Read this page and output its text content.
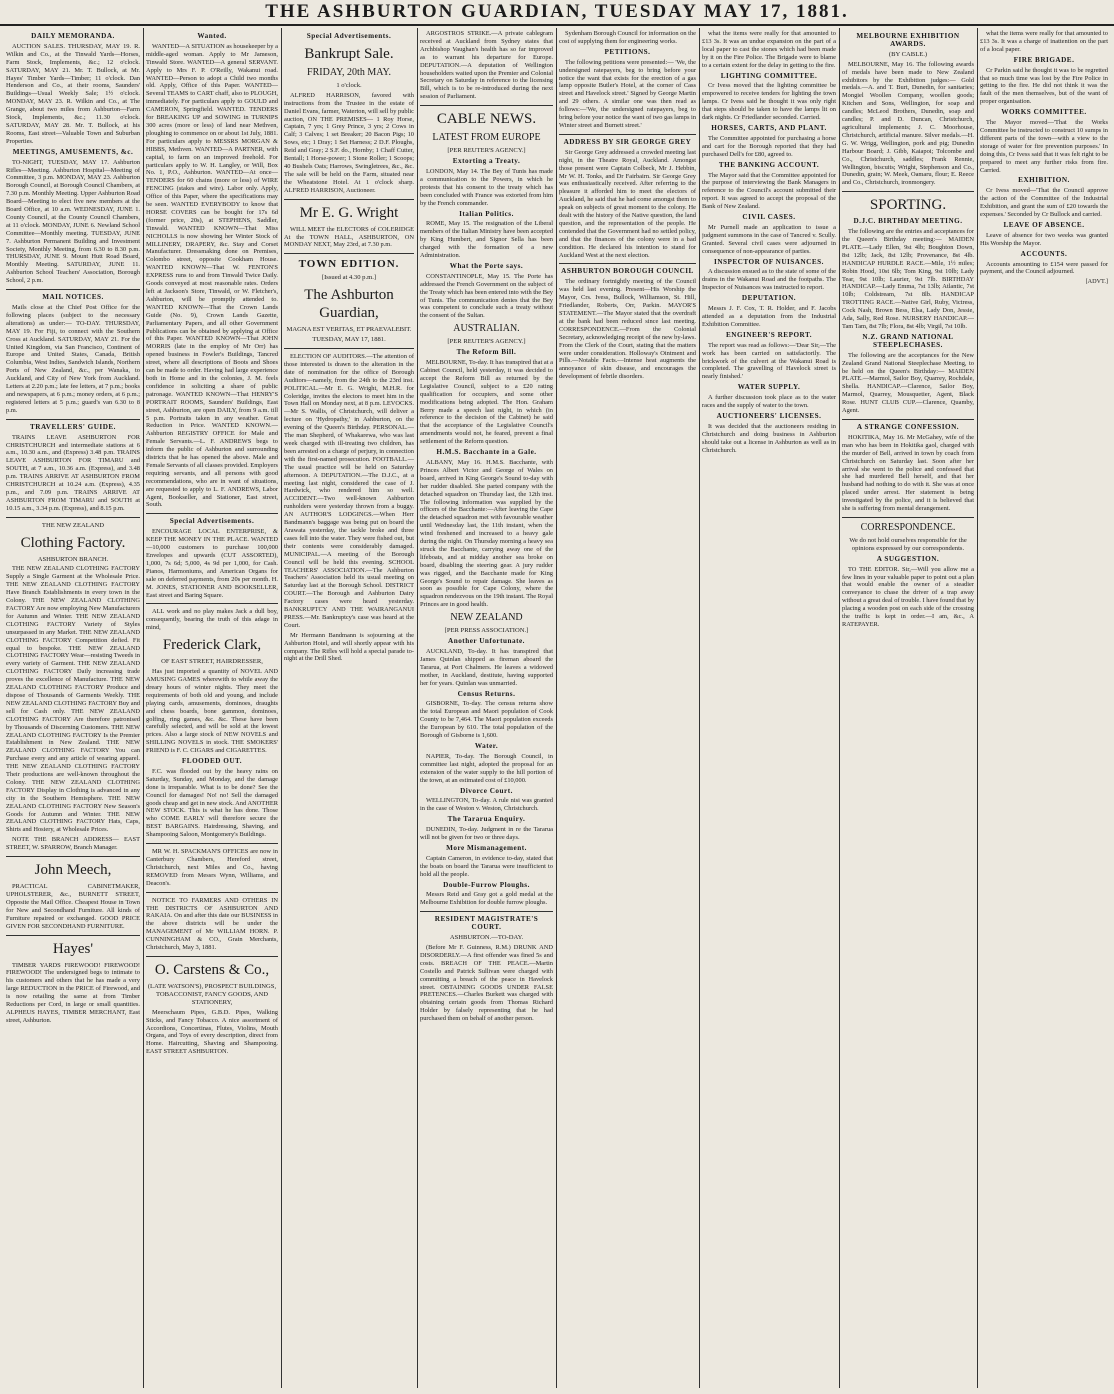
THE ASHBURTON GUARDIAN, TUESDAY MAY 17, 1881.
DAILY MEMORANDA.

AUCTION SALES. THURSDAY, MAY 19. R. Wilkin and Co., at the Tinwald Yards—Horses, Farm Stock, Implements, &c.; 12 o'clock. SATURDAY, MAY 21. Mr. T. Bullock, at Mr. Hayes' Timber Yards—Timber; 11 o'clock. Dan Henderson and Co., at their rooms, Saunders' Buildings—Usual Weekly Sale; 1½ o'clock. MONDAY, MAY 23. R. Wilkin and Co., at The Grange, about two miles from Ashburton—Farm Stock, Implements, &c.; 11.30 o'clock. SATURDAY, MAY 28. Mr. T. Bullock, at his Rooms, East street—Valuable Town and Suburban Properties.

MEETINGS, AMUSEMENTS, &c.

TO-NIGHT, TUESDAY, MAY 17. Ashburton Rifles—Meeting. Ashburton Hospital—Meeting of Committee, 3 p.m. MONDAY, MAY 23. Ashburton Borough Council, at Borough Council Chambers, at 7.30 p.m. Monthly Meeting. Upper Ashburton Road Board—Meeting to elect five new members at the Board Office, at 10 a.m. WEDNESDAY, JUNE 1. County Council, at the County Council Chambers, at 11 o'clock. MONDAY, JUNE 6. Newland School Committee—Monthly meeting. TUESDAY, JUNE 7. Ashburton Permanent Building and Investment Society, Monthly Meeting, from 6.30 to 8.30 p.m. THURSDAY, JUNE 9. Mount Hutt Road Board, Monthly Meeting. SATURDAY, JUNE 11. Ashburton School Teachers' Association, Borough School, 2 p.m.

MAIL NOTICES.

Mails close at the Chief Post Office for the following places (subject to the necessary alterations) as under:— TO-DAY. THURSDAY, MAY 19. For Fiji, to connect with the Southern Cross at Auckland. SATURDAY, MAY 21. For the United Kingdom, via San Francisco, Continent of Europe and United States, Canada, British Columbia, West Indies, Sandwich Islands, Northern Ports of New Zealand, &c., per Wanaka, to Auckland, and City of New York from Auckland. Letters at 2.20 p.m.; late fee letters, at 7 p.m.; books and newspapers, at 6 p.m.; money orders, at 6 p.m.; registered letters at 5 p.m.; guard's van 6.30 to 8 p.m.

TRAVELLERS' GUIDE.

TRAINS LEAVE ASHBURTON FOR CHRISTCHURCH and intermediate stations at 6 a.m., 10.30 a.m., and (Express) 3.48 p.m. TRAINS LEAVE ASHBURTON FOR TIMARU and SOUTH, at 7 a.m., 10.36 a.m. (Express), and 3.48 p.m. TRAINS ARRIVE AT ASHBURTON FROM CHRISTCHURCH at 10.24 a.m. (Express), 4.35 p.m., and 7.09 p.m. TRAINS ARRIVE AT ASHBURTON FROM TIMARU and SOUTH at 10.15 a.m., 3.34 p.m. (Express), and 8.15 p.m.

THE NEW ZEALAND
Clothing Factory.
ASHBURTON BRANCH.

THE NEW ZEALAND CLOTHING FACTORY Supply a Single Garment at the Wholesale Price. THE NEW ZEALAND CLOTHING FACTORY Have Branch Establishments in every town in the Colony. THE NEW ZEALAND CLOTHING FACTORY Are now employing New Manufacturers for Autumn and Winter. THE NEW ZEALAND CLOTHING FACTORY Variety of Styles unsurpassed in any Market. THE NEW ZEALAND CLOTHING FACTORY Competition defied. Fit equal to bespoke. THE NEW ZEALAND CLOTHING FACTORY Wear—resisting Tweeds in every variety of Garment. THE NEW ZEALAND CLOTHING FACTORY Daily increasing trade proves the excellence of Manufacture. THE NEW ZEALAND CLOTHING FACTORY Produce and dispose of Thousands of Garments Weekly. THE NEW ZEALAND CLOTHING FACTORY Buy and sell for Cash only. THE NEW ZEALAND CLOTHING FACTORY Are therefore patronised by Thousands of Discerning Customers. THE NEW ZEALAND CLOTHING FACTORY Is the Premier Establishment in New Zealand. THE NEW ZEALAND CLOTHING FACTORY You can Purchase every and any article of wearing apparel. THE NEW ZEALAND CLOTHING FACTORY Their productions are well-known throughout the Colony. THE NEW ZEALAND CLOTHING FACTORY Display in Clothing is advanced in any city in the Southern Hemisphere. THE NEW ZEALAND CLOTHING FACTORY New Season's Goods for Autumn and Winter. THE NEW ZEALAND CLOTHING FACTORY Hats, Caps, Shirts and Hosiery, at Wholesale Prices.

NOTE THE BRANCH ADDRESS— EAST STREET, W. SPARROW, Branch Manager.

John Meech,

PRACTICAL CABINETMAKER, UPHOLSTERER, &c., BURNETT STREET, Opposite the Mail Office. Cheapest House in Town for New and Secondhand Furniture. All kinds of Furniture repaired or exchanged. GOOD PRICE GIVEN FOR SECONDHAND FURNITURE.

Hayes'

TIMBER YARDS FIREWOOD! FIREWOOD! FIREWOOD! The undersigned begs to intimate to his customers and others that he has made a very large REDUCTION in the PRICE of Firewood, and is now retailing the same at from Timber Reductions per Cord, in large or small quantities. ALPHEUS HAYES, TIMBER MERCHANT, East street, Ashburton.

Wanted.

WANTED—A SITUATION as housekeeper by a middle-aged woman. Apply to Mr Jameson, Tinwald Store. WANTED—A general SERVANT. Apply to Mrs F. P. O'Reilly, Wakanui road. WANTED—Person to adopt a Child two months old. Apply, Office of this Paper. WANTED—Several TEAMS to CART chaff, also to PLOUGH, immediately. For particulars apply to GOULD and CAMERON, Springfield. WANTED. TENDERS for BREAKING UP and SOWING in TURNIPS 300 acres (more or less) of land near Methven, ploughing to commence on or about 1st July, 1881. For particulars apply to MESSRS MORGAN & HIBBS, Methven. WANTED—A PARTNER, with capital, to farm on an improved freehold. For particulars apply to W. H. Langley, or Will, Box No. 1, P.O., Ashburton. WANTED—At once—TENDERS for 60 chains (more or less) of WIRE FENCING (stakes and wire). Labor only. Apply, Office of this Paper, where the specifications may be seen. WANTED EVERYBODY to know that HORSE COVERS can be bought for 17s 6d (former price, 20s), at STEPHENS, Saddler, Tinwald. WANTED KNOWN—That Miss NICHOLLS is now showing her Winter Stock of MILLINERY, DRAPERY, &c. Stay and Corset Manufacturer. Dressmaking done on Premises, Colombo street, opposite Cookham House. WANTED KNOWN—That W. FENTON'S EXPRESS runs to and from Tinwald Twice Daily. Goods conveyed at most reasonable rates. Orders left at Jackson's Store, Tinwald, or W. Fletcher's, Ashburton, will be promptly attended to. WANTED KNOWN—That the Crown Lands Guide (No. 9), Crown Lands Gazette, Parliamentary Papers, and all other Government Publications can be obtained by applying at Office of this Paper. WANTED KNOWN—That JOHN MORRIS (late in the employ of Mr Orr) has opened business in Fowler's Buildings, Tancred street, where all descriptions of Boots and Shoes can be made to order. Having had large experience both in Home and in the colonies, J. M. feels confidence in soliciting a share of public patronage. WANTED KNOWN—That HENRY'S PORTRAIT ROOMS, Saunders' Buildings, East street, Ashburton, are open DAILY, from 9 a.m. till 5 p.m. Portraits taken in any weather. Great Reduction in Price. WANTED KNOWN.—Ashburton REGISTRY OFFICE for Male and Female Servants.—L. F. ANDREWS begs to inform the public of Ashburton and surrounding districts that he has opened the above. Male and Female Servants of all classes provided. Employers requiring servants, and all persons with good recommendations, who are in want of situations, are requested to apply to L. F. ANDREWS, Labor Agent, Bookseller, and Stationer, East street, South.

Special Advertisements.

ENCOURAGE LOCAL ENTERPRISE, & KEEP THE MONEY IN THE PLACE. WANTED—10,000 customers to purchase 100,000 Envelopes and upwards (CUT ASSORTED), 1,000, 7s 6d; 5,000, 4s 9d per 1,000, for Cash. Pianos, Harmoniums, and American Organs for sale on deferred payments, from 20s per month. H. M. JONES, STATIONER AND BOOKSELLER, East street and Baring Square.

ALL work and no play makes Jack a dull boy, consequently, bearing the truth of this adage in mind,

Frederick Clark,
OF EAST STREET, HAIRDRESSER,

Has just imported a quantity of NOVEL AND AMUSING GAMES wherewith to while away the dreary hours of winter nights. They meet the requirements of both old and young, and include playing cards, amusements, dominoes, draughts and chess boards, bone gammon, dominoes, golfing, ring games, &c. &c. These have been carefully selected, and will be sold at the lowest prices. Also a large stock of NEW NOVELS and SHILLING NOVELS in stock. THE SMOKERS' FRIEND is F. C. CIGARS and CIGARETTES.

FLOODED OUT.

F.C. was flooded out by the heavy rains on Saturday, Sunday, and Monday, and the damage done is irreparable. What is to be done? See the Council for damages! No! no! Sell the damaged goods cheap and get in new stock. And ANOTHER NEW STOCK. This is what he has done. Those who COME EARLY will therefore secure the BEST BARGAINS. Hairdressing, Shaving, and Shampooing Saloon, Montgomery's Buildings.

MR W. H. SPACKMAN'S OFFICES are now in Canterbury Chambers, Hereford street, Christchurch, next Miles and Co., having REMOVED from Messrs Wynn, Williams, and Deacon's.

NOTICE TO FARMERS AND OTHERS IN THE DISTRICTS OF ASHBURTON AND RAKAIA. On and after this date our BUSINESS in the above districts will be under the MANAGEMENT of Mr WILLIAM HORN. P. CUNNINGHAM & CO., Grain Merchants, Christchurch, May 3, 1881.

O. Carstens & Co.,
(LATE WATSON'S), PROSPECT BUILDINGS, TOBACCONIST, FANCY GOODS, AND STATIONERY,

Meerschaum Pipes, G.B.D. Pipes, Walking Sticks, and Fancy Tobacco. A nice assortment of Accordions, Concertinas, Flutes, Violins, Mouth Organs, and Toys of every description, direct from Home. Haircutting, Shaving and Shampooing. EAST STREET ASHBURTON.

Special Advertisements.
Bankrupt Sale.
FRIDAY, 20th MAY.
1 o'clock.

ALFRED HARRISON, favored with instructions from the Trustee in the estate of Daniel Evans, farmer, Waterton, will sell by public auction, ON THE PREMISES— 1 Roy Horse, Captain, 7 yrs; 1 Grey Prince, 3 yrs; 2 Cows in Calf; 3 Calves; 1 set Breaker; 20 Bacon Pigs; 10 Sows, etc; 1 Dray; 1 Set Harness; 2 D.F. Ploughs, Reid and Gray; 2 S.F. do., Hornby; 1 Chaff Cutter, Bentall; 1 Horse-power; 1 Stone Roller; 1 Scoops; 40 Bushels Oats; Harrows, Swingletrees, &c., &c. The sale will be held on the Farm, situated near the Wheatstone Hotel. At 1 o'clock sharp. ALFRED HARRISON, Auctioneer.

Mr E. G. Wright

WILL MEET the ELECTORS of COLERIDGE At the TOWN HALL, ASHBURTON, ON MONDAY NEXT, May 23rd, at 7.30 p.m.

TOWN EDITION.
[Issued at 4.30 p.m.]
The Ashburton Guardian,
MAGNA EST VERITAS, ET PRAEVALEBIT.
TUESDAY, MAY 17, 1881.

ELECTION OF AUDITORS.—The attention of those interested is drawn to the alteration in the date of nomination for the office of Borough Auditors—namely, from the 24th to the 23rd inst. POLITICAL.—Mr E. G. Wright, M.H.R. for Coleridge, invites the electors to meet him in the Town Hall on Monday next, at 8 p.m. LEVOCKS.—Mr S. Wallis, of Christchurch, will deliver a lecture on 'Hydropathy,' in Ashburton, on the evening of the Queen's Birthday. PERSONAL.—The man Shepherd, of Whakarewa, who was last week charged with ill-treating two children, has been arrested on a charge of perjury, in connection with the first-named prosecution. FOOTBALL.—The usual practice will be held on Saturday afternoon. A DEPUTATION.—The D.J.C., at a meeting last night, considered the case of J. Hardwick, who rendered him so well. ACCIDENT.—Two well-known Ashburton runholders were yesterday thrown from a buggy. AN AUTHOR'S LODGINGS.—When Herr Bandmann's baggage was being put on board the Arawata yesterday, the tackle broke and three cases fell into the water. They were fished out, but their contents were considerably damaged. MUNICIPAL.—A meeting of the Borough Council will be held this evening. SCHOOL TEACHERS' ASSOCIATION.—The Ashburton Teachers' Association held its usual meeting on Saturday last at the Borough School. DISTRICT COURT.—The Borough and Ashburton Dairy Factory cases were heard yesterday. BANKRUPTCY AND THE WAIRANGANUI PRESS.—Mr. Bankruptcy's case was heard at the Court.

Mr Hermann Bandmann is sojourning at the Ashburton Hotel, and will shortly appear with his company. The Rifles will hold a special parade to-night at the Drill Shed.

ARGOSTROS STRIKE.—A private cablegram received at Auckland from Sydney states that Archbishop Vaughan's health has so far improved as to warrant his departure for Europe. DEPUTATION.—A deputation of Wellington householders waited upon the Premier and Colonial Secretary on Saturday in reference to the licensing Bill, which is to be re-introduced during the next session of Parliament.

CABLE NEWS.
LATEST FROM EUROPE
[PER REUTER'S AGENCY.]
Extorting a Treaty.

LONDON, May 14. The Bey of Tunis has made a communication to the Powers, in which he protests that his consent to the treaty which has been concluded with France was extorted from him by the French commander.

Italian Politics.

ROME, May 15. The resignation of the Liberal members of the Italian Ministry have been accepted by King Humbert, and Signor Sella has been charged with the formation of a new Administration.

What the Porte says.

CONSTANTINOPLE, May 15. The Porte has addressed the French Government on the subject of the Treaty which has been entered into with the Bey of Tunis. The communication denies that the Bey was competent to conclude such a treaty without the consent of the Sultan.

AUSTRALIAN.
[PER REUTER'S AGENCY.]
The Reform Bill.

MELBOURNE, To-day. It has transpired that at a Cabinet Council, held yesterday, it was decided to accept the Reform Bill as returned by the Legislative Council, subject to a £20 rating qualification for occupiers, and some other modifications being adopted. The Hon. Graham Berry made a speech last night, in which (in reference to the decision of the Cabinet) he said that the acceptance of the Legislative Council's amendments would not, he feared, prevent a final settlement of the Reform question.

H.M.S. Bacchante in a Gale.

ALBANY, May 16. H.M.S. Bacchante, with Princes Albert Victor and George of Wales on board, arrived in King George's Sound to-day with her rudder disabled. She parted company with the detached squadron on Thursday last, the 12th inst. The following information was supplied by the officers of the Bacchante:—After leaving the Cape the detached squadron met with favourable weather until Wednesday last, the 11th instant, when the wind freshened and increased to a heavy gale during the night. On Thursday morning a heavy sea struck the Bacchante, carrying away one of the lifeboats, and at midday another sea broke on board, disabling the steering gear. A jury rudder was rigged, and the Bacchante made for King George's Sound to repair damage. She leaves as soon as possible for Cape Colony, where the squadron rendezvous on the 19th instant. The Royal Princes are in good health.

NEW ZEALAND
[PER PRESS ASSOCIATION.]
Another Unfortunate.

AUCKLAND, To-day. It has transpired that James Quinlan shipped as fireman aboard the Tararua, at Port Chalmers. He leaves a widowed mother, in Auckland, destitute, having supported her for years. Quinlan was unmarried.

Census Returns.

GISBORNE, To-day. The census returns show the total European and Maori population of Cook County to be 7,464. The Maori population exceeds the European by 610. The total population of the Borough of Gisborne is 1,600.

Water.

NAPIER, To-day. The Borough Council, in committee last night, adopted the proposal for an extension of the water supply to the hill portion of the town, at an estimated cost of £10,000.

Divorce Court.

WELLINGTON, To-day. A rule nisi was granted in the case of Weston v. Weston, Christchurch.

The Tararua Enquiry.

DUNEDIN, To-day. Judgment in re the Tararua will not be given for two or three days.

More Mismanagement.

Captain Cameron, in evidence to-day, stated that the boats on board the Tararua were insufficient to hold all the people.

Double-Furrow Ploughs.

Messrs Reid and Gray got a gold medal at the Melbourne Exhibition for double furrow ploughs.

RESIDENT MAGISTRATE'S COURT.
ASHBURTON.—TO-DAY.

(Before Mr F. Guinness, R.M.) DRUNK AND DISORDERLY.—A first offender was fined 5s and costs. BREACH OF THE PEACE.—Martin Costello and Patrick Sullivan were charged with committing a breach of the peace in Havelock street. OBTAINING GOODS UNDER FALSE PRETENCES.—Charles Burkett was charged with obtaining certain goods from Thomas Richard Holder by falsely representing that he had purchased them on behalf of another person.

Sydenham Borough Council for information on the cost of supplying them for engineering works.

PETITIONS.

The following petitions were presented:— 'We, the undersigned ratepayers, beg to bring before your notice the want that exists for the erection of a gas lamp opposite Butler's Hotel, at the corner of Cass street and Havelock street.' Signed by George Martin and 29 others. A similar one was then read as follows:—'We, the undersigned ratepayers, beg to bring before your notice the want of two gas lamps in Winter street and Burnett street.'

ADDRESS BY SIR GEORGE GREY

Sir George Grey addressed a crowded meeting last night, in the Theatre Royal, Auckland. Amongst those present were Captain Colbeck, Mr J. Hebbin, Mr W. H. Tonks, and Dr Fairbairn. Sir George Grey was enthusiastically received. After referring to the pleasure it afforded him to meet the electors of Auckland, he said that he had come amongst them to speak on subjects of great moment to the colony. He dealt with the history of the Native question, the land question, and the representation of the people. He contended that the Government had no settled policy, and that the finances of the colony were in a bad condition. He declared his intention to stand for Auckland West at the next election.

ASHBURTON BOROUGH COUNCIL

The ordinary fortnightly meeting of the Council was held last evening. Present—His Worship the Mayor, Crs. Ivess, Bullock, Williamson, St. Hill, Friedlander, Roberts, Orr, Parkin. MAYOR'S STATEMENT.—The Mayor stated that the overdraft at the bank had been reduced since last meeting. CORRESPONDENCE.—From the Colonial Secretary, acknowledging receipt of the new by-laws. From the Clerk of the Court, stating that the matters were under consideration. Holloway's Ointment and Pills.—Notable Facts.—Intense heat augments the annoyance of skin disease, and encourages the development of febrile disorders.

what the items were really for that amounted to £13 3s. It was an undue expansion on the part of a local paper to cast the stones which had been made by it on the Fire Police. The Brigade were to blame to a certain extent for the delay in getting to the fire.

LIGHTING COMMITTEE.

Cr Ivess moved that the lighting committee be empowered to receive tenders for lighting the town lamps. Cr Ivess said he thought it was only right that steps should be taken to have the lamps lit on dark nights. Cr Friedlander seconded. Carried.

HORSES, CARTS, AND PLANT.

The Committee appointed for purchasing a horse and cart for the Borough reported that they had purchased Dell's for £80, agreed to.

THE BANKING ACCOUNT.

The Mayor said that the Committee appointed for the purpose of interviewing the Bank Managers in reference to the Council's account submitted their report. It was agreed to accept the proposal of the Bank of New Zealand.

CIVIL CASES.

Mr Purnell made an application to issue a judgment summons in the case of Tancred v. Scully. Granted. Several civil cases were adjourned in consequence of non-appearance of parties.

INSPECTOR OF NUISANCES.

A discussion ensued as to the state of some of the drains in the Wakanui Road and the footpaths. The Inspector of Nuisances was instructed to report.

DEPUTATION.

Messrs J. F. Cox, T. R. Holder, and F. Jacobs attended as a deputation from the Industrial Exhibition Committee.

ENGINEER'S REPORT.

The report was read as follows:—'Dear Sir,—The work has been carried on satisfactorily. The brickwork of the culvert at the Wakanui Road is completed. The gravelling of Havelock street is nearly finished.'

WATER SUPPLY.

A further discussion took place as to the water races and the supply of water to the town.

AUCTIONEERS' LICENSES.

It was decided that the auctioneers residing in Christchurch and doing business in Ashburton should take out a license in Ashburton as well as in Christchurch.

MELBOURNE EXHIBITION AWARDS.
(BY CABLE.)

MELBOURNE, May 16. The following awards of medals have been made to New Zealand exhibitors by the Exhibition judges:— Gold medals.—A. and T. Burt, Dunedin, for sanitaries; Mongiel Woollen Company, woollen goods; Kitchen and Sons, Wellington, for soap and candles; McLeod Brothers, Dunedin, soap and candles; P. and D. Duncan, Christchurch, agricultural implements; J. C. Moorhouse, Christchurch, artificial manure. Silver medals.—H. G. W. Wrigg, Wellington, pork and pig; Dunedin Harbour Board; J. Gibb, Kaiapoi; Tolcombe and Co., Christchurch, saddles; Frank Rennie, Wellington, biscuits; Wright, Stephenson and Co., Dunedin, grain; W. Meek, Oamaru, flour; E. Reece and Co., Christchurch, ironmongery.

SPORTING.
D.J.C. BIRTHDAY MEETING.

The following are the entries and acceptances for the Queen's Birthday meeting:— MAIDEN PLATE.—Lady Ellen, 9st 4lb; Boughton Down, 8st 12lb; Jack, 8st 12lb; Provenance, 8st 4lb. HANDICAP HURDLE RACE.—Mile, 1½ miles; Robin Hood, 10st 6lb; Tom King, 9st 10lb; Lady Tear, 9st 10lb; Laurier, 9st 7lb. BIRTHDAY HANDICAP.—Lady Emma, 7st 13lb; Atlantic, 7st 10lb; Coldstream, 7st 8lb. HANDICAP TROTTING RACE.—Native Girl, Ruby, Victress, Cock Nash, Brown Bess, Elsa, Lady Don, Jessie, Ada, Sally, Red Rose. NURSERY HANDICAP.—Tam Tam, 8st 7lb; Flora, 8st 4lb; Virgil, 7st 10lb.

N.Z. GRAND NATIONAL STEEPLECHASES.

The following are the acceptances for the New Zealand Grand National Steeplechase Meeting, to be held on the Queen's Birthday:— MAIDEN PLATE.—Marmol, Sailor Boy, Quarrey, Rochdale, Shella. HANDICAP.—Clarence, Sailor Boy, Marmol, Quarrey, Mousquetier, Agent, Black Rose. HUNT CLUB CUP.—Clarence, Quamby, Agent.

A STRANGE CONFESSION.

HOKITIKA, May 16. Mr McGahey, wife of the man who has been in Hokitika gaol, charged with the murder of Bell, arrived in town by coach from Christchurch on Saturday last. Soon after her arrival she went to the police and confessed that she had murdered Bell herself, and that her husband had nothing to do with it. She was at once placed under arrest. Her statement is being investigated by the police, and it is believed that she is suffering from mental derangement.

CORRESPONDENCE.
We do not hold ourselves responsible for the opinions expressed by our correspondents.
A SUGGESTION.

TO THE EDITOR. Sir,—Will you allow me a few lines in your valuable paper to point out a plan that would enable the owner of a steadier conveyance to chase the driver of a trap away without a great deal of trouble. I have found that by placing a wooden post on each side of the crossing the traffic is kept in order.—I am, &c., A RATEPAYER.

what the items were really for that amounted to £13 3s. It was a charge of inattention on the part of a local paper.

FIRE BRIGADE.

Cr Parkin said he thought it was to be regretted that so much time was lost by the Fire Police in getting to the fire. He did not think it was the fault of the men themselves, but of the want of proper organisation.

WORKS COMMITTEE.

The Mayor moved—'That the Works Committee be instructed to construct 10 sumps in different parts of the town—with a view to the storage of water for fire prevention purposes.' In doing this, Cr Ivess said that it was felt right to be prepared to meet any further risks from fire. Carried.

EXHIBITION.

Cr Ivess moved—'That the Council approve the action of the Committee of the Industrial Exhibition, and grant the sum of £20 towards the expenses.' Seconded by Cr Bullock and carried.

LEAVE OF ABSENCE.

Leave of absence for two weeks was granted His Worship the Mayor.

ACCOUNTS.

Accounts amounting to £154 were passed for payment, and the Council adjourned.

[ADVT.]
